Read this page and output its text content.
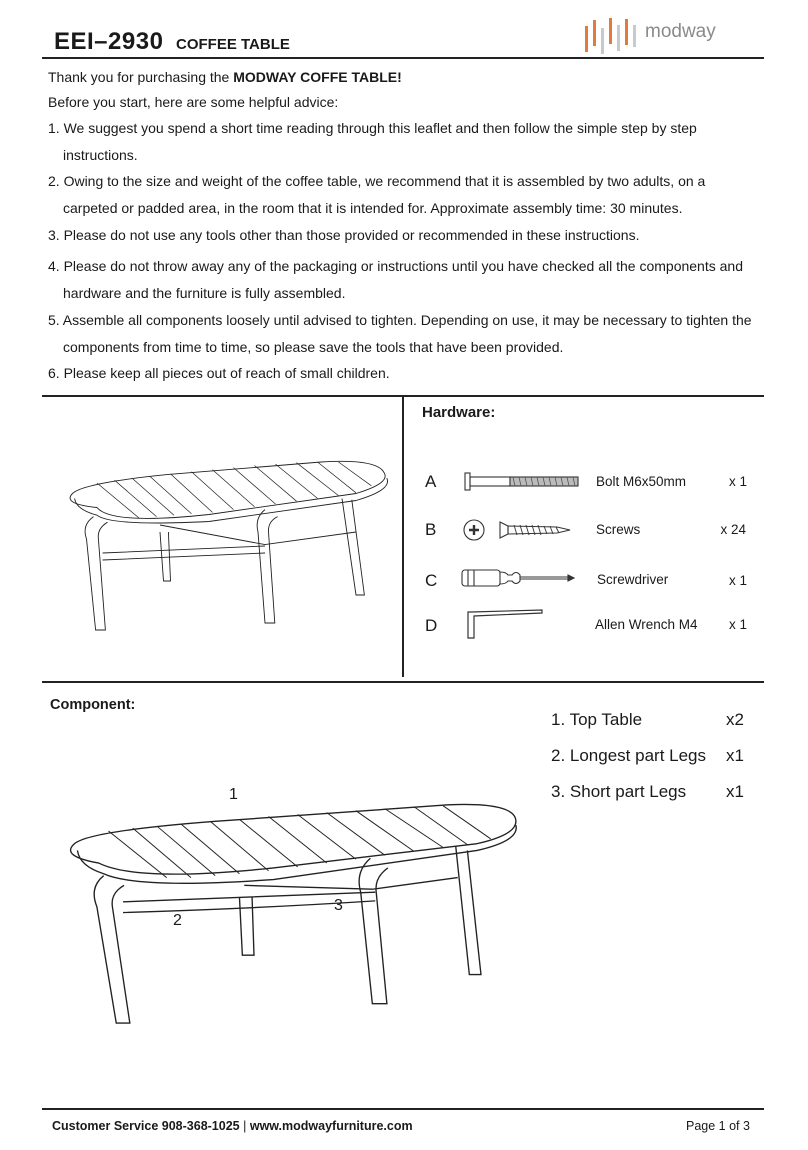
EEI–2930 COFFEE TABLE
modway
Thank you for purchasing the MODWAY COFFE TABLE!
Before you start, here are some helpful advice:
1. We suggest you spend a short time reading through this leaflet and then follow the simple step by step
instructions.
2. Owing to the size and weight of the coffee table, we recommend that it is assembled by two adults, on a
carpeted or padded area, in the room that it is intended for. Approximate assembly time: 30 minutes.
3. Please do not use any tools other than those provided or recommended in these instructions.
4. Please do not throw away any of the packaging or instructions until you have checked all the components and
hardware and the furniture is fully assembled.
5. Assemble all components loosely until advised to tighten. Depending on use, it may be necessary to tighten the
components from time to time, so please save the tools that have been provided.
6. Please keep all pieces out of reach of small children.
Hardware:
A	Bolt M6x50mm	x 1
B	Screws	x 24
C	Screwdriver	x 1
D	Allen Wrench M4	x 1
Component:
1. Top Table	x2
2. Longest part Legs x1
3. Short part Legs x1
1
2
3
Customer Service 908-368-1025 | www.modwayfurniture.com	Page 1 of 3
